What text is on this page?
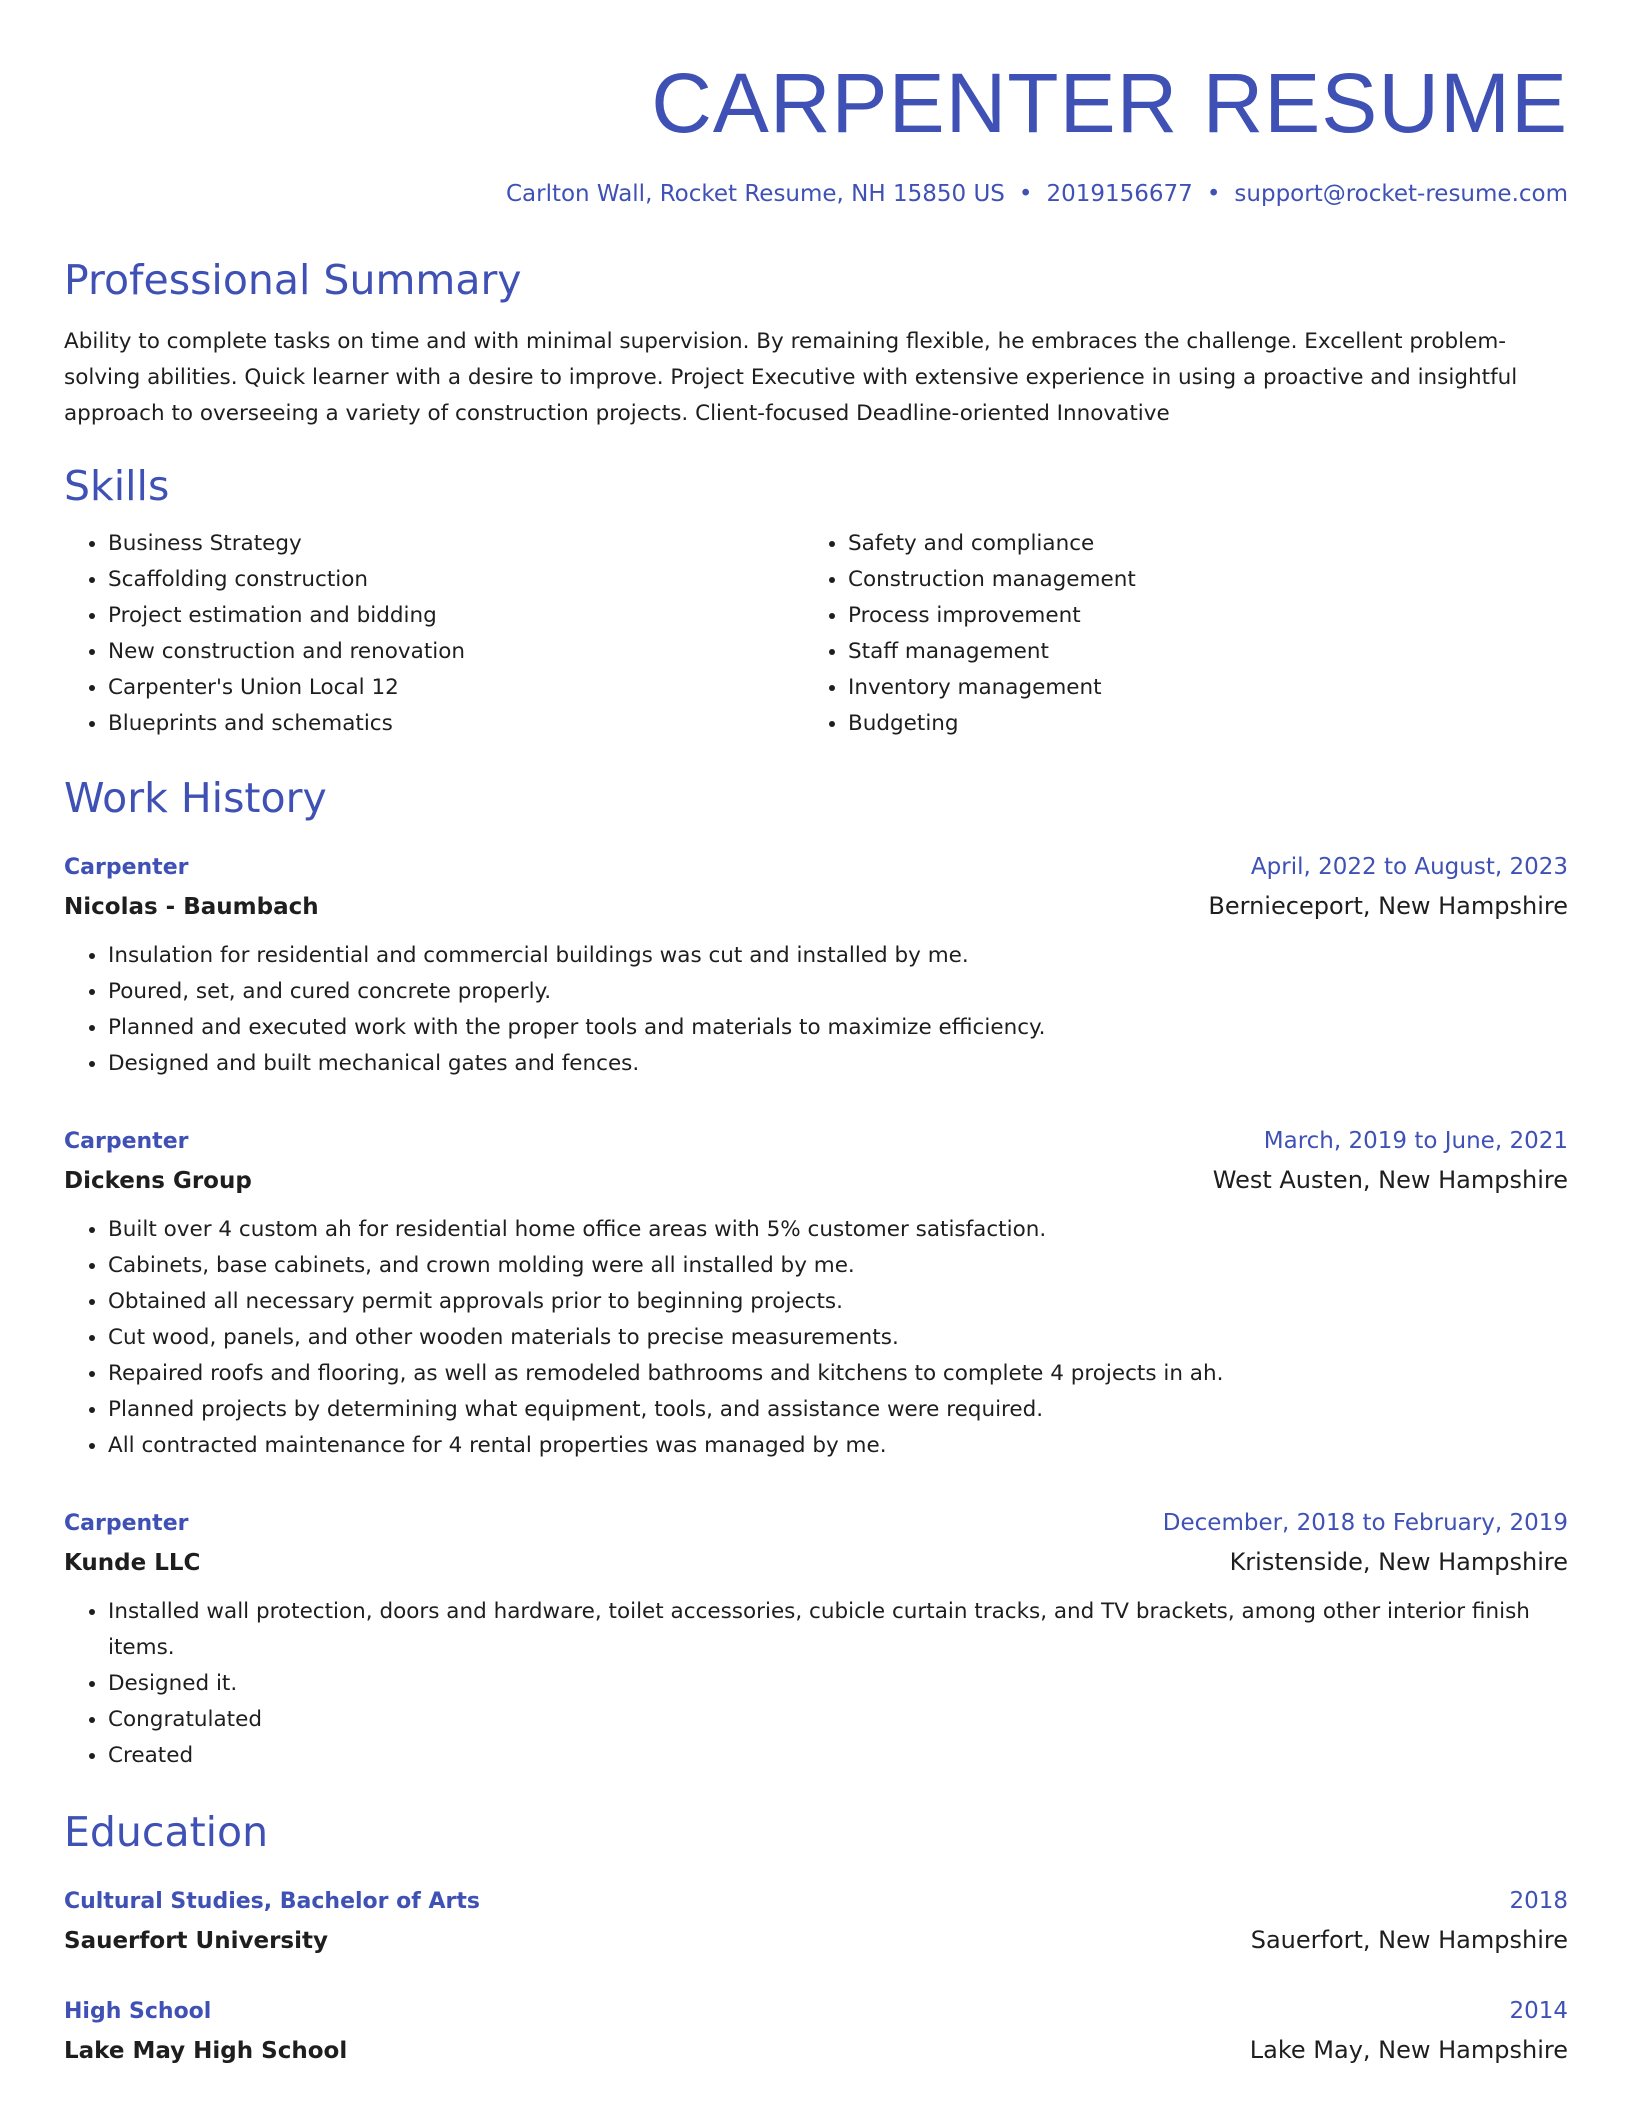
CARPENTER RESUME
Carlton Wall, Rocket Resume, NH 15850 US • 2019156677 • support@rocket-resume.com
Professional Summary

Ability to complete tasks on time and with minimal supervision. By remaining flexible, he embraces the challenge. Excellent problem-solving abilities. Quick learner with a desire to improve. Project Executive with extensive experience in using a proactive and insightful approach to overseeing a variety of construction projects. Client-focused Deadline-oriented Innovative

Skills
• Business Strategy
• Scaffolding construction
• Project estimation and bidding
• New construction and renovation
• Carpenter's Union Local 12
• Blueprints and schematics
• Safety and compliance
• Construction management
• Process improvement
• Staff management
• Inventory management
• Budgeting
Work History
Carpenter	April, 2022 to August, 2023
Nicolas - Baumbach	Bernieceport, New Hampshire
• Insulation for residential and commercial buildings was cut and installed by me.
• Poured, set, and cured concrete properly.
• Planned and executed work with the proper tools and materials to maximize efficiency.
• Designed and built mechanical gates and fences.
Carpenter	March, 2019 to June, 2021
Dickens Group	West Austen, New Hampshire
• Built over 4 custom ah for residential home office areas with 5% customer satisfaction.
• Cabinets, base cabinets, and crown molding were all installed by me.
• Obtained all necessary permit approvals prior to beginning projects.
• Cut wood, panels, and other wooden materials to precise measurements.
• Repaired roofs and flooring, as well as remodeled bathrooms and kitchens to complete 4 projects in ah.
• Planned projects by determining what equipment, tools, and assistance were required.
• All contracted maintenance for 4 rental properties was managed by me.
Carpenter	December, 2018 to February, 2019
Kunde LLC	Kristenside, New Hampshire
• Installed wall protection, doors and hardware, toilet accessories, cubicle curtain tracks, and TV brackets, among other interior finish items.
• Designed it.
• Congratulated
• Created
Education
Cultural Studies, Bachelor of Arts	2018
Sauerfort University	Sauerfort, New Hampshire
High School	2014
Lake May High School	Lake May, New Hampshire
